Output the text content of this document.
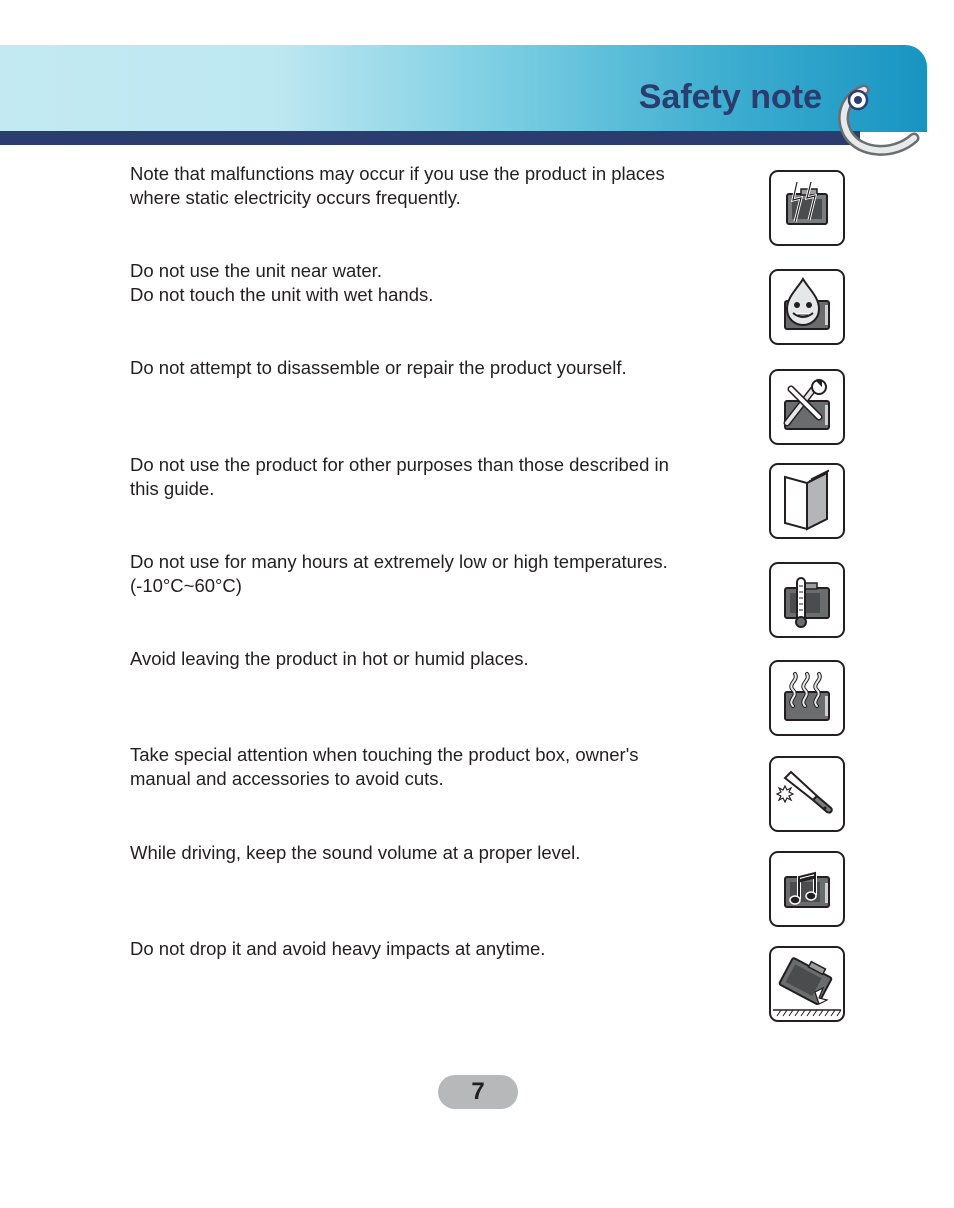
Safety note
Note that malfunctions may occur if you use the product in places
where static electricity occurs frequently.
Do not use the unit near water.
Do not touch the unit with wet hands.
Do not attempt to disassemble or repair the product yourself.
Do not use the product for other purposes than those described in
this guide.
Do not use for many hours at extremely low or high temperatures.
(-10°C~60°C)
Avoid leaving the product in hot or humid places.
Take special attention when touching the product box, owner's
manual and accessories to avoid cuts.
While driving, keep the sound volume at a proper level.
Do not drop it and avoid heavy impacts at anytime.
7
